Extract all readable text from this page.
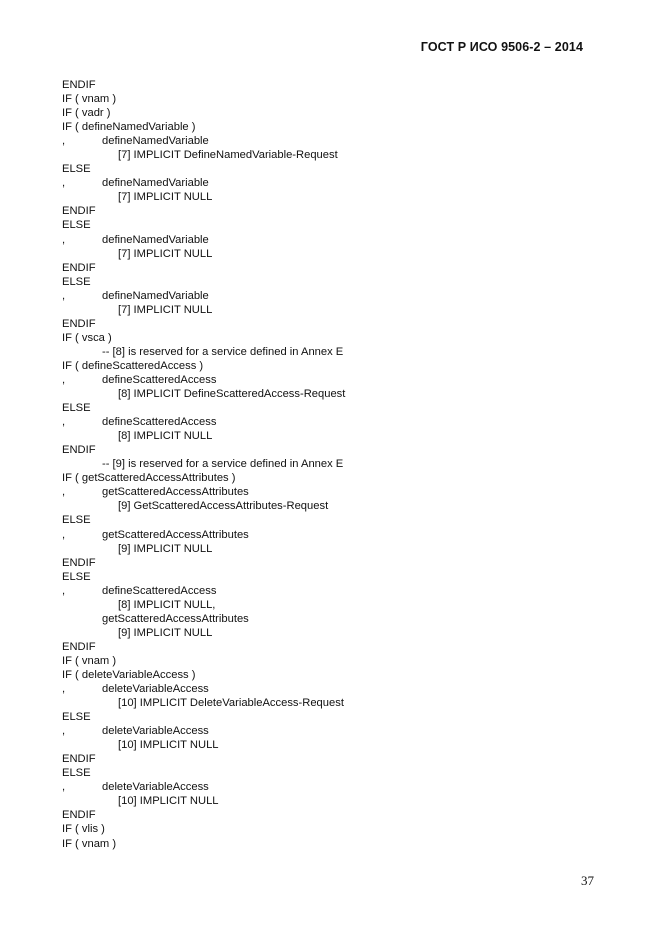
ГОСТ Р ИСО 9506-2 – 2014
ENDIF
IF ( vnam )
IF ( vadr )
IF ( defineNamedVariable )
,	defineNamedVariable
[7] IMPLICIT DefineNamedVariable-Request
ELSE
,	defineNamedVariable
[7] IMPLICIT NULL
ENDIF
ELSE
,	defineNamedVariable
[7] IMPLICIT NULL
ENDIF
ELSE
,	defineNamedVariable
[7] IMPLICIT NULL
ENDIF
IF ( vsca )
-- [8] is reserved for a service defined in Annex E
IF ( defineScatteredAccess )
,	defineScatteredAccess
[8] IMPLICIT DefineScatteredAccess-Request
ELSE
,	defineScatteredAccess
[8] IMPLICIT NULL
ENDIF
-- [9] is reserved for a service defined in Annex E
IF ( getScatteredAccessAttributes )
,	getScatteredAccessAttributes
[9] GetScatteredAccessAttributes-Request
ELSE
,	getScatteredAccessAttributes
[9] IMPLICIT NULL
ENDIF
ELSE
,	defineScatteredAccess
[8] IMPLICIT NULL,
getScatteredAccessAttributes
[9] IMPLICIT NULL
ENDIF
IF ( vnam )
IF ( deleteVariableAccess )
,	deleteVariableAccess
[10] IMPLICIT DeleteVariableAccess-Request
ELSE
,	deleteVariableAccess
[10] IMPLICIT NULL
ENDIF
ELSE
,	deleteVariableAccess
[10] IMPLICIT NULL
ENDIF
IF ( vlis )
IF ( vnam )
37
